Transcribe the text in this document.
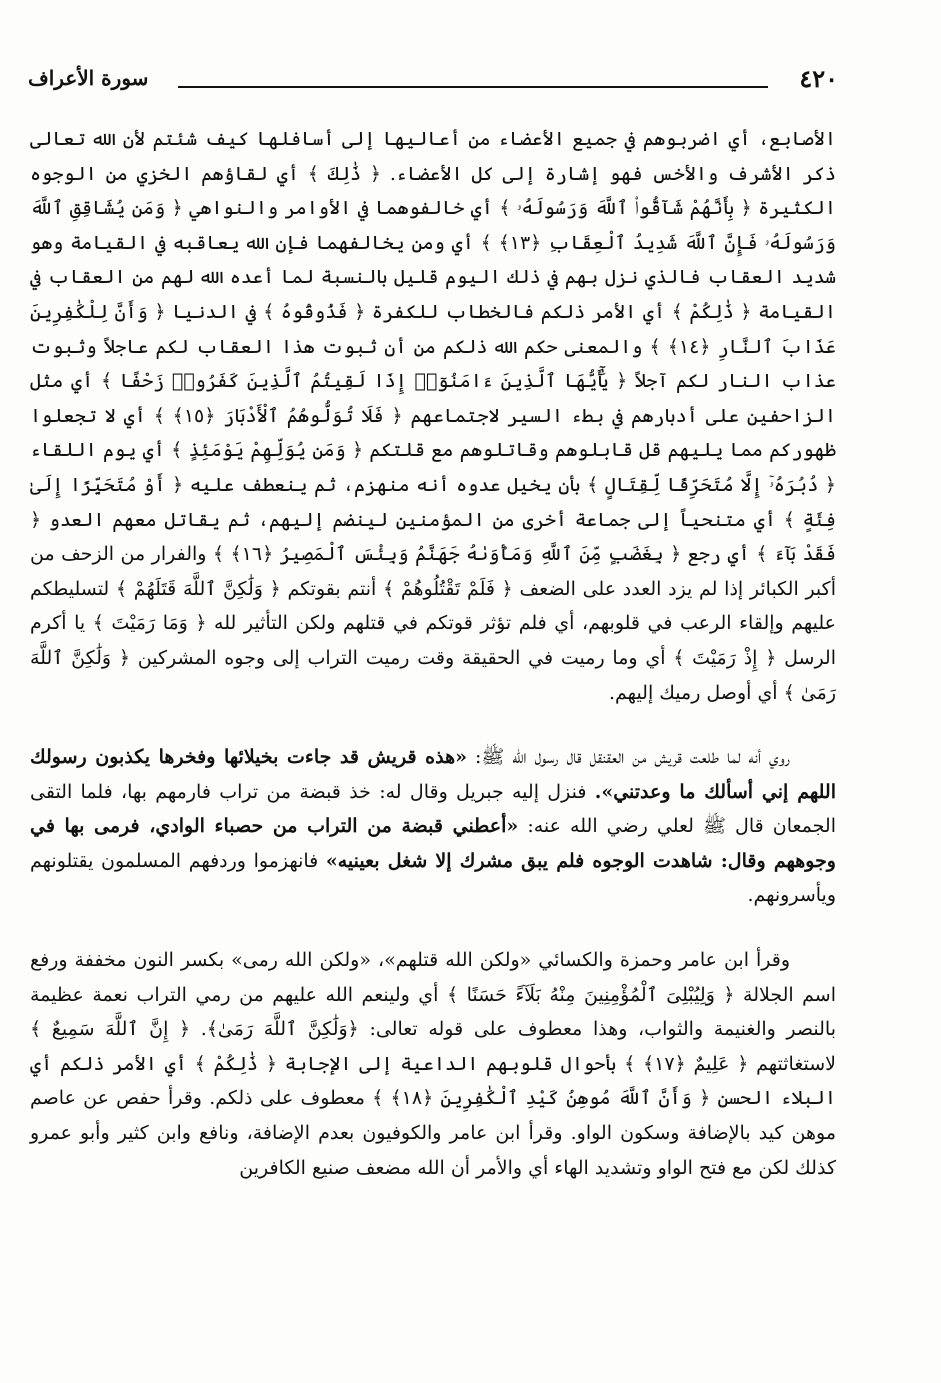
٤٢٠
سورة الأعراف

الأصابع، أي اضربوهم في جميع الأعضاء من أعاليها إلى أسافلها كيف شئتم لأن الله تعالى ذكر الأشرف والأخس فهو إشارة إلى كل الأعضاء. ﴿ ذَٰلِكَ ﴾ أي لقاؤهم الخزي من الوجوه الكثيرة ﴿ بِأَنَّهُمْ شَآقُّوا۟ ٱللَّهَ وَرَسُولَهُۥ ﴾ أي خالفوهما في الأوامر والنواهي ﴿ وَمَن يُشَاقِقِ ٱللَّهَ وَرَسُولَهُۥ فَإِنَّ ٱللَّهَ شَدِيدُ ٱلْعِقَابِ ﴿١٣﴾ ﴾ أي ومن يخالفهما فإن الله يعاقبه في القيامة وهو شديد العقاب فالذي نزل بهم في ذلك اليوم قليل بالنسبة لما أعده الله لهم من العقاب في القيامة ﴿ ذَٰلِكُمْ ﴾ أي الأمر ذلكم فالخطاب للكفرة ﴿ فَذُوقُوهُ ﴾ في الدنيا ﴿ وَأَنَّ لِلْكَٰفِرِينَ عَذَابَ ٱلنَّارِ ﴿١٤﴾ ﴾ والمعنى حكم الله ذلكم من أن ثبوت هذا العقاب لكم عاجلاً وثبوت عذاب النار لكم آجلاً ﴿ يَٰٓأَيُّهَا ٱلَّذِينَ ءَامَنُوٓا۟ إِذَا لَقِيتُمُ ٱلَّذِينَ كَفَرُوا۟ زَحْفًا ﴾ أي مثل الزاحفين على أدبارهم في بطء السير لاجتماعهم ﴿ فَلَا تُوَلُّوهُمُ ٱلْأَدْبَارَ ﴿١٥﴾ ﴾ أي لا تجعلوا ظهوركم مما يليهم قل قابلوهم وقاتلوهم مع قلتكم ﴿ وَمَن يُوَلِّهِمْ يَوْمَئِذٍ ﴾ أي يوم اللقاء ﴿ دُبُرَهُۥٓ إِلَّا مُتَحَرِّفًا لِّقِتَالٍ ﴾ بأن يخيل عدوه أنه منهزم، ثم ينعطف عليه ﴿ أَوْ مُتَحَيِّزًا إِلَىٰ فِئَةٍ ﴾ أي متنحياً إلى جماعة أخرى من المؤمنين لينضم إليهم، ثم يقاتل معهم العدو ﴿ فَقَدْ بَآءَ ﴾ أي رجع ﴿ بِغَضَبٍ مِّنَ ٱللَّهِ وَمَأْوَىٰهُ جَهَنَّمُ وَبِئْسَ ٱلْمَصِيرُ ﴿١٦﴾ ﴾ والفرار من الزحف من أكبر الكبائر إذا لم يزد العدد على الضعف ﴿ فَلَمْ تَقْتُلُوهُمْ ﴾ أنتم بقوتكم ﴿ وَلَٰكِنَّ ٱللَّهَ قَتَلَهُمْ ﴾ لتسليطكم عليهم وإلقاء الرعب في قلوبهم، أي فلم تؤثر قوتكم في قتلهم ولكن التأثير لله ﴿ وَمَا رَمَيْتَ ﴾ يا أكرم الرسل ﴿ إِذْ رَمَيْتَ ﴾ أي وما رميت في الحقيقة وقت رميت التراب إلى وجوه المشركين ﴿ وَلَٰكِنَّ ٱللَّهَ رَمَىٰ ﴾ أي أوصل رميك إليهم.

روي أنه لما طلعت قريش من العقنقل قال رسول الله ﷺ: «هذه قريش قد جاءت بخيلائها وفخرها يكذبون رسولك اللهم إني أسألك ما وعدتني». فنزل إليه جبريل وقال له: خذ قبضة من تراب فارمهم بها، فلما التقى الجمعان قال ﷺ لعلي رضي الله عنه: «أعطني قبضة من التراب من حصباء الوادي، فرمى بها في وجوههم وقال: شاهدت الوجوه فلم يبق مشرك إلا شغل بعينيه» فانهزموا وردفهم المسلمون يقتلونهم ويأسرونهم.

وقرأ ابن عامر وحمزة والكسائي «ولكن الله قتلهم»، «ولكن الله رمى» بكسر النون مخففة ورفع اسم الجلالة ﴿ وَلِيُبْلِىَ ٱلْمُؤْمِنِينَ مِنْهُ بَلَآءً حَسَنًا ﴾ أي ولينعم الله عليهم من رمي التراب نعمة عظيمة بالنصر والغنيمة والثواب، وهذا معطوف على قوله تعالى: ﴿وَلَٰكِنَّ ٱللَّهَ رَمَىٰ﴾. ﴿ إِنَّ ٱللَّهَ سَمِيعٌ ﴾ لاستغاثتهم ﴿ عَلِيمٌ ﴿١٧﴾ ﴾ بأحوال قلوبهم الداعية إلى الإجابة ﴿ ذَٰلِكُمْ ﴾ أي الأمر ذلكم أي البلاء الحسن ﴿ وَأَنَّ ٱللَّهَ مُوهِنُ كَيْدِ ٱلْكَٰفِرِينَ ﴿١٨﴾ ﴾ معطوف على ذلكم. وقرأ حفص عن عاصم موهن كيد بالإضافة وسكون الواو. وقرأ ابن عامر والكوفيون بعدم الإضافة، ونافع وابن كثير وأبو عمرو كذلك لكن مع فتح الواو وتشديد الهاء أي والأمر أن الله مضعف صنيع الكافرين
